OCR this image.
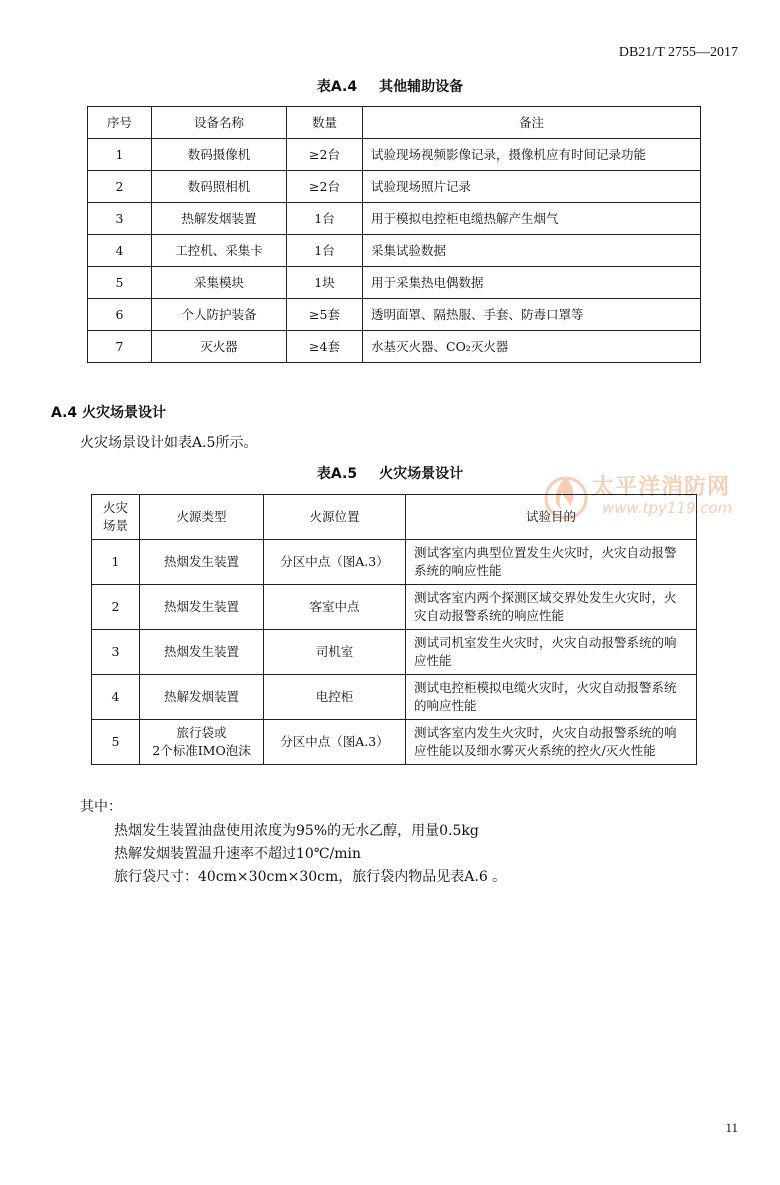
DB21/T 2755—2017
表A.4 其他辅助设备
序号	设备名称	数量	备注
1	数码摄像机	≥2台	试验现场视频影像记录，摄像机应有时间记录功能
2	数码照相机	≥2台	试验现场照片记录
3	热解发烟装置	1台	用于模拟电控柜电缆热解产生烟气
4	工控机、采集卡	1台	采集试验数据
5	采集模块	1块	用于采集热电偶数据
6	个人防护装备	≥5套	透明面罩、隔热服、手套、防毒口罩等
7	灭火器	≥4套	水基灭火器、CO₂灭火器
A.4 火灾场景设计
火灾场景设计如表A.5所示。
表A.5 火灾场景设计
太平洋消防网
www.tpy119.com
火灾
场景	火源类型	火源位置	试验目的
1	热烟发生装置	分区中点（图A.3）	测试客室内典型位置发生火灾时，火灾自动报警系统的响应性能
2	热烟发生装置	客室中点	测试客室内两个探测区域交界处发生火灾时，火灾自动报警系统的响应性能
3	热烟发生装置	司机室	测试司机室发生火灾时，火灾自动报警系统的响应性能
4	热解发烟装置	电控柜	测试电控柜模拟电缆火灾时，火灾自动报警系统的响应性能
5	旅行袋或
2个标准IMO泡沫	分区中点（图A.3）	测试客室内发生火灾时，火灾自动报警系统的响应性能以及细水雾灭火系统的控火/灭火性能
其中：
热烟发生装置油盘使用浓度为95%的无水乙醇，用量0.5kg
热解发烟装置温升速率不超过10℃/min
旅行袋尺寸：40cm×30cm×30cm，旅行袋内物品见表A.6 。
11
